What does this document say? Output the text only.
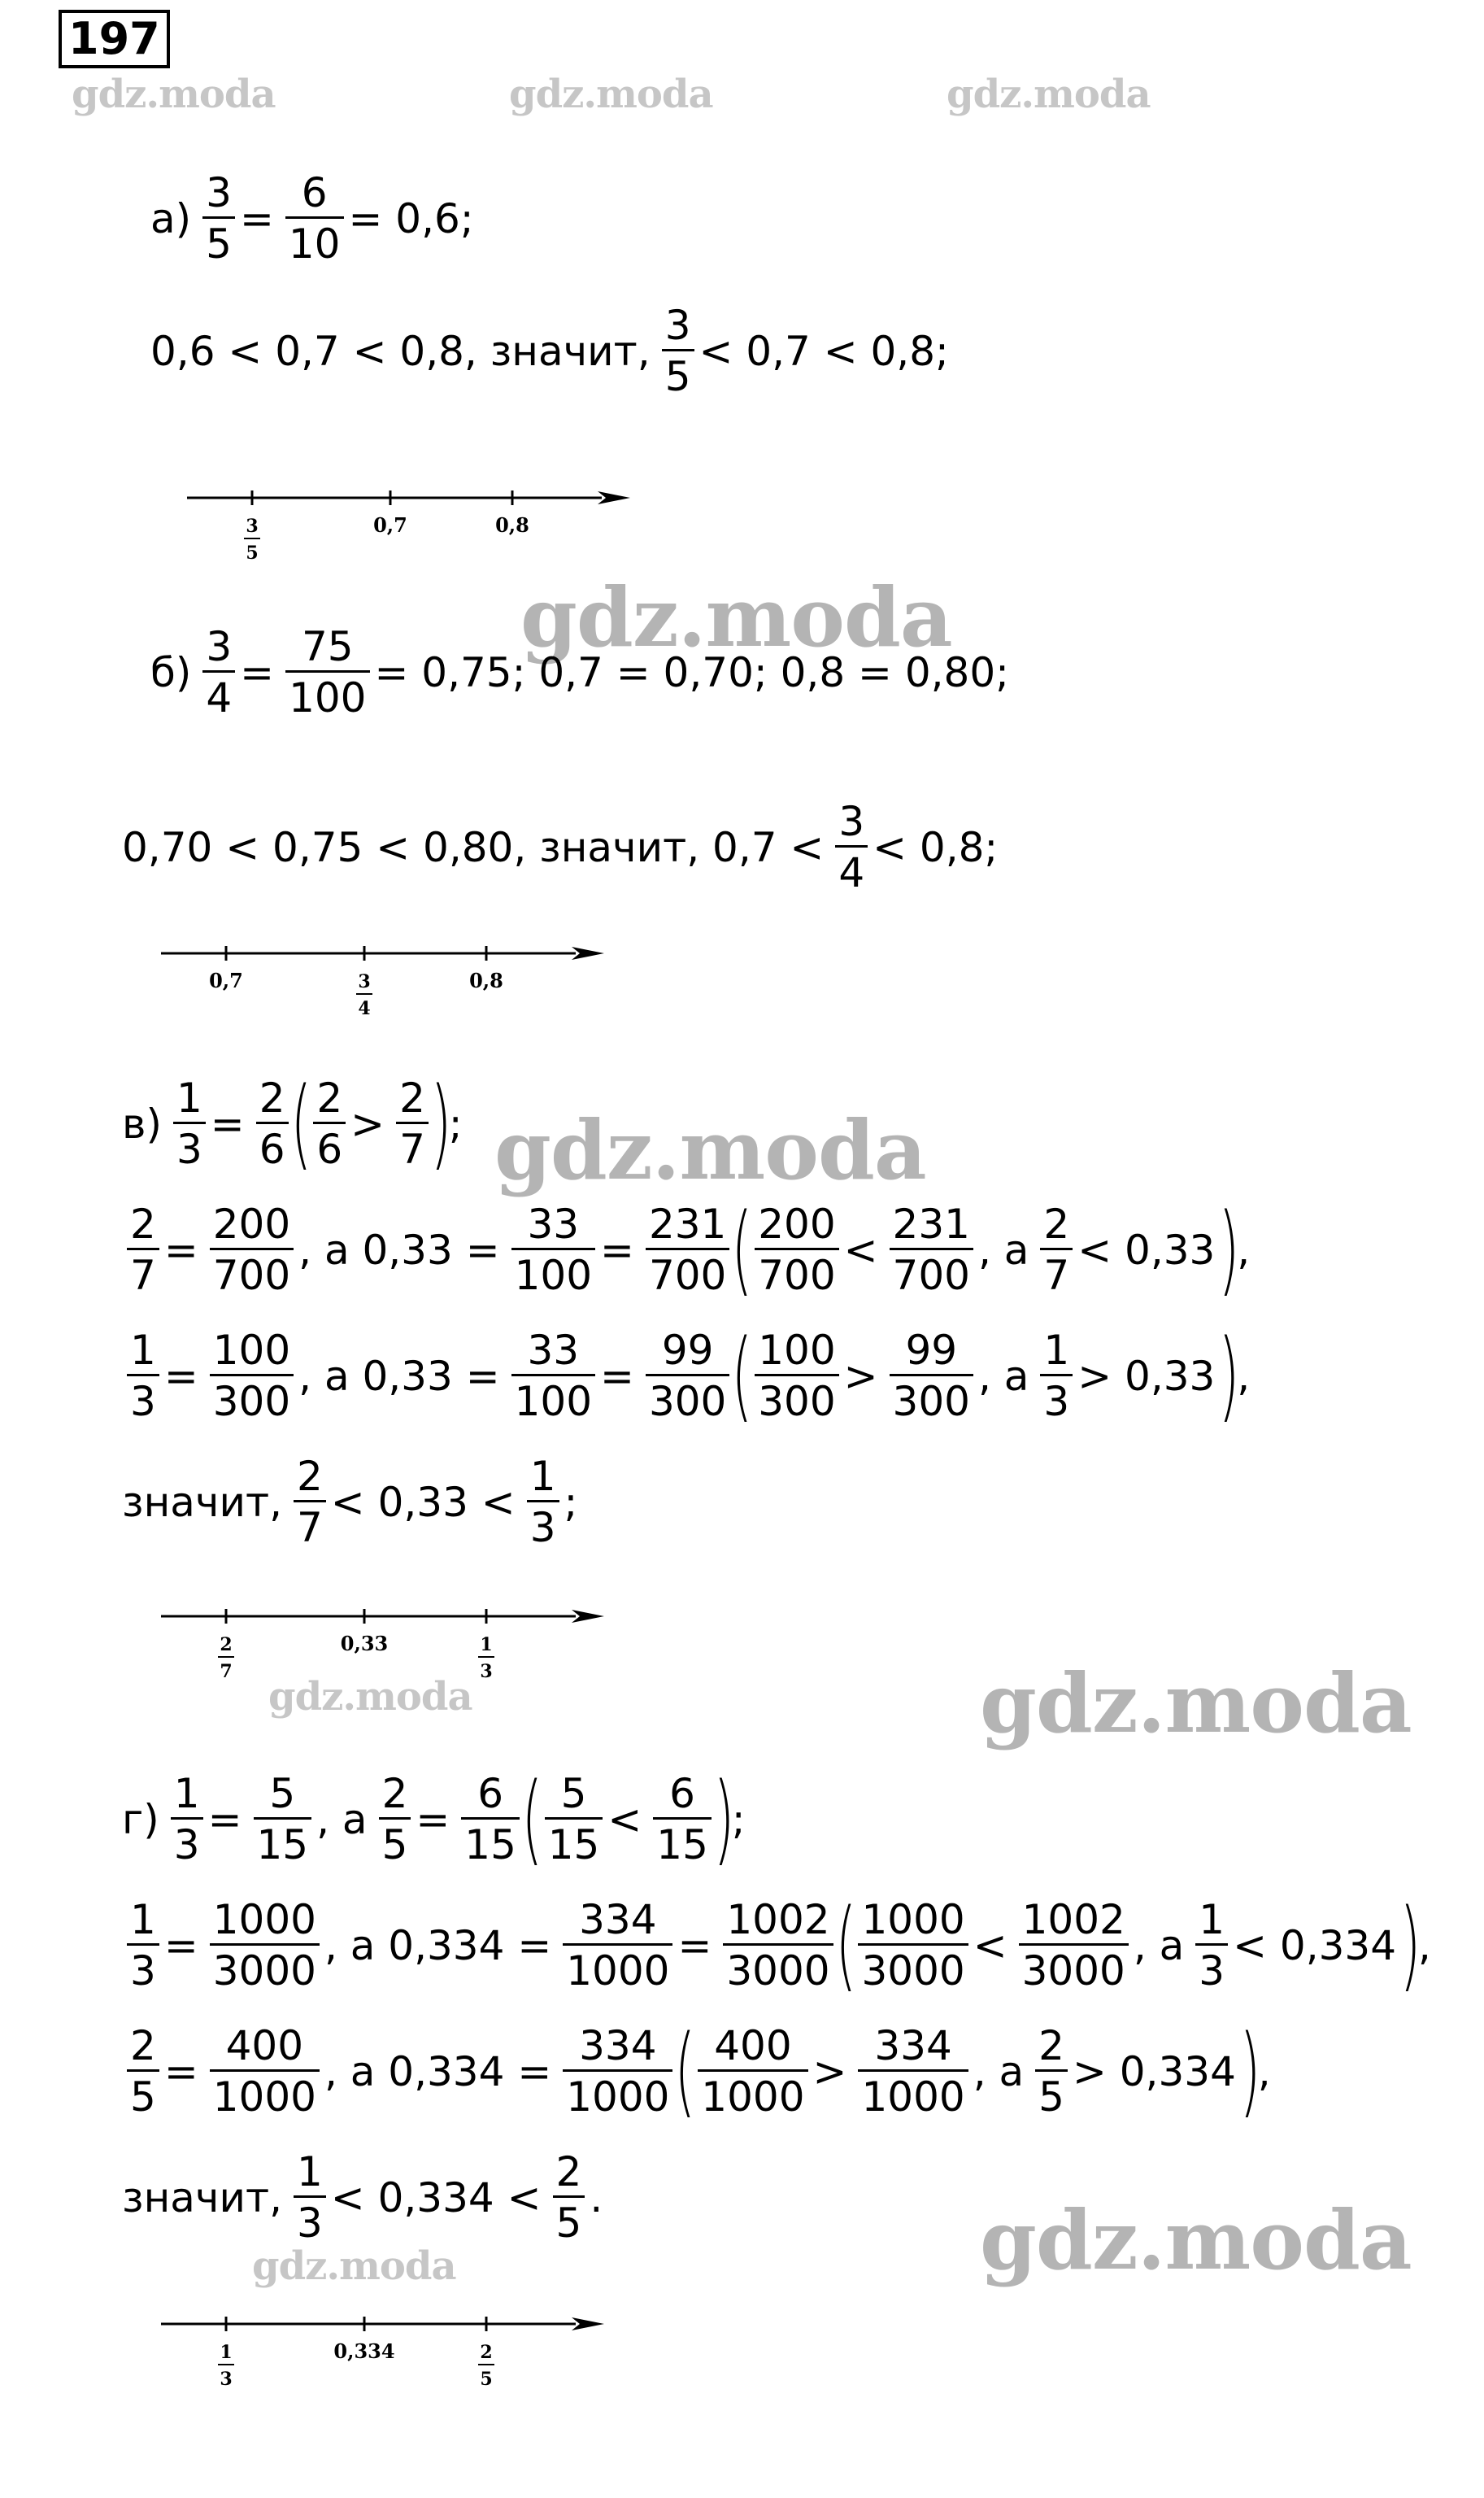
197
gdz.moda	gdz.moda	gdz.moda
gdz.moda
gdz.moda
gdz.moda	gdz.moda
gdz.moda
gdz.moda
$а) \frac{3}{5} = \frac{6}{10} = 0,6$;
0,6 < 0,7 < 0,8, значит, $\frac{3}{5} < 0,7 < 0,8$;
3
5
0,7	0,8
$б) \frac{3}{4} = \frac{75}{100} = 0,75$; 0,7 = 0,70; 0,8 = 0,80;
0,70 < 0,75 < 0,80, значит, $0,7 < \frac{3}{4} < 0,8$;
0,7	3
4
0,8
$в) \frac{1}{3} = \frac{2}{6}$ ( $\frac{2}{6} > \frac{2}{7}$ )
;
$\frac{2}{7} = \frac{200}{700}$ , а $0,33 = \frac{33}{100} = \frac{231}{700}$ ( $\frac{200}{700} < \frac{231}{700}$ , а $\frac{2}{7} < 0,33$ )
,
$\frac{1}{3} = \frac{100}{300}$ , а $0,33 = \frac{33}{100} = \frac{99}{300}$ ( $\frac{100}{300} > \frac{99}{300}$ , а $\frac{1}{3} > 0,33$ )
,
значит, $\frac{2}{7} < 0,33 < \frac{1}{3}$ ;
2
7
0,33	1
3
$г) \frac{1}{3} = \frac{5}{15}$ , а $\frac{2}{5} = \frac{6}{15}$ ( $\frac{5}{15} < \frac{6}{15}$ )
;
$\frac{1}{3} = \frac{1000}{3000}$ , а $0,334 = \frac{334}{1000} = \frac{1002}{3000}$ ( $\frac{1000}{3000} < \frac{1002}{3000}$ , а $\frac{1}{3} < 0,334$ )
,
$\frac{2}{5} = \frac{400}{1000}$ , а $0,334 = \frac{334}{1000}$ ( $\frac{400}{1000} > \frac{334}{1000}$ , а $\frac{2}{5} > 0,334$ )
,
значит, $\frac{1}{3} < 0,334 < \frac{2}{5}$ .
1
3
0,334	2
5
